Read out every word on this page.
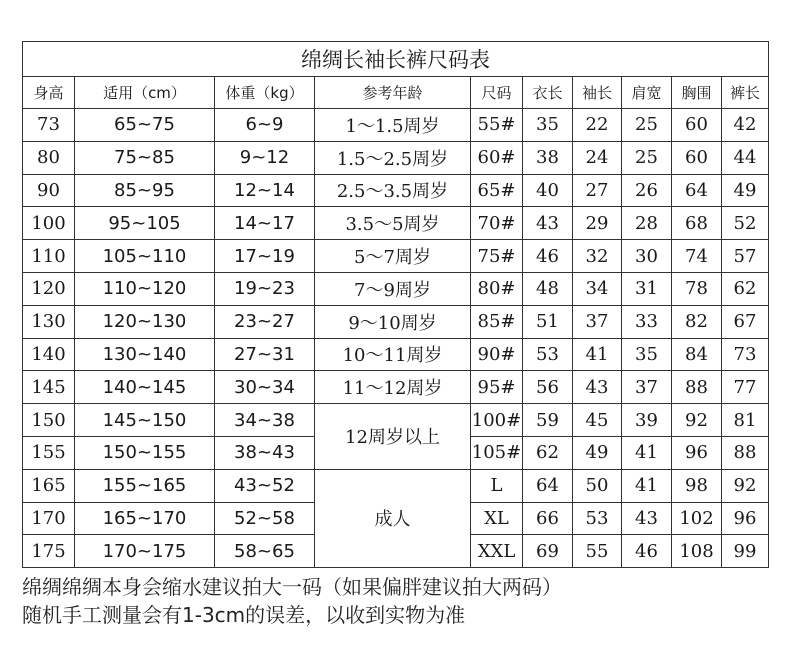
绵绸长袖长裤尺码表									
身高	适用（cm）	体重（kg）	参考年龄	尺码	衣长	袖长	肩宽	胸围	裤长
73	65~75	6~9	1～1.5周岁	55#	35	22	25	60	42
80	75~85	9~12	1.5～2.5周岁	60#	38	24	25	60	44
90	85~95	12~14	2.5～3.5周岁	65#	40	27	26	64	49
100	95~105	14~17	3.5～5周岁	70#	43	29	28	68	52
110	105~110	17~19	5～7周岁	75#	46	32	30	74	57
120	110~120	19~23	7～9周岁	80#	48	34	31	78	62
130	120~130	23~27	9～10周岁	85#	51	37	33	82	67
140	130~140	27~31	10～11周岁	90#	53	41	35	84	73
145	140~145	30~34	11～12周岁	95#	56	43	37	88	77
150	145~150	34~38	12周岁以上	100#	59	45	39	92	81
155	150~155	38~43		105#	62	49	41	96	88
165	155~165	43~52	成人	L	64	50	41	98	92
170	165~170	52~58		XL	66	53	43	102	96
175	170~175	58~65		XXL	69	55	46	108	99
绵绸绵绸本身会缩水建议拍大一码（如果偏胖建议拍大两码）
随机手工测量会有1-3cm的误差，以收到实物为准
